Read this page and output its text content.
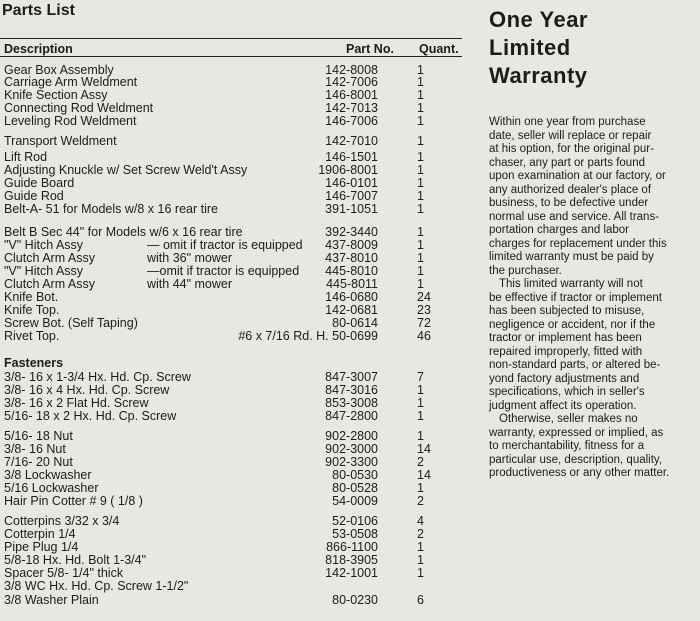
Parts List
Description	Part No. Quant.
Gear Box Assembly	142-8008	1
Carriage Arm Weldment	142-7006	1
Knife Section Assy	146-8001	1
Connecting Rod Weldment	142-7013	1
Leveling Rod Weldment	146-7006	1
Transport Weldment	142-7010	1
Lift Rod	146-1501	1
Adjusting Knuckle w/ Set Screw Weld't Assy	1906-8001	1
Guide Board	146-0101	1
Guide Rod	146-7007	1
Belt-A- 51 for Models w/8 x 16 rear tire	391-1051	1
Belt B Sec 44" for Models w/6 x 16 rear tire	392-3440	1
"V" Hitch Assy	— omit if tractor is equipped 437-8009	1
Clutch Arm Assy	with 36" mower	437-8010	1
"V" Hitch Assy	—omit if tractor is equipped 445-8010	1
Clutch Arm Assy	with 44" mower	445-8011	1
Knife Bot.	146-0680	24
Knife Top.	142-0681	23
Screw Bot. (Self Taping)	80-0614	72
Rivet Top.	#6 x 7/16 Rd. H. 50-0699	46
Fasteners
3/8- 16 x 1-3/4 Hx. Hd. Cp. Screw	847-3007	7
3/8- 16 x 4 Hx. Hd. Cp. Screw	847-3016	1
3/8- 16 x 2 Flat Hd. Screw	853-3008	1
5/16- 18 x 2 Hx. Hd. Cp. Screw	847-2800	1
5/16- 18 Nut	902-2800	1
3/8- 16 Nut	902-3000	14
7/16- 20 Nut	902-3300	2
3/8 Lockwasher	80-0530	14
5/16 Lockwasher	80-0528	1
Hair Pin Cotter # 9 ( 1/8 )	54-0009	2
Cotterpins 3/32 x 3/4	52-0106	4
Cotterpin 1/4	53-0508	2
Pipe Plug 1/4	866-1100	1
5/8-18 Hx. Hd. Bolt 1-3/4"	818-3905	1
Spacer 5/8- 1/4" thick	142-1001	1
3/8 WC Hx. Hd. Cp. Screw 1-1/2"
3/8 Washer Plain	80-0230	6
One Year
Limited
Warranty
Within one year from purchase
date, seller will replace or repair
at his option, for the original pur-
chaser, any part or parts found
upon examination at our factory, or
any authorized dealer's place of
business, to be defective under
normal use and service. All trans-
portation charges and labor
charges for replacement under this
limited warranty must be paid by
the purchaser.
This limited warranty will not
be effective if tractor or implement
has been subjected to misuse,
negligence or accident, nor if the
tractor or implement has been
repaired improperly, fitted with
non-standard parts, or altered be-
yond factory adjustments and
specifications, which in seller's
judgment affect its operation.
Otherwise, seller makes no
warranty, expressed or implied, as
to merchantability, fitness for a
particular use, description, quality,
productiveness or any other matter.
